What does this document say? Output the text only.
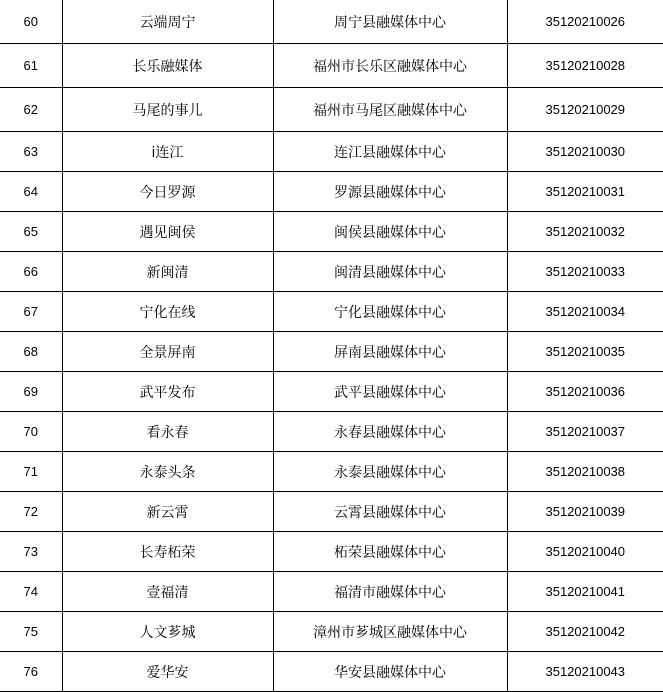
60	云端周宁	周宁县融媒体中心	35120210026
61	长乐融媒体	福州市长乐区融媒体中心	35120210028
62	马尾的事儿	福州市马尾区融媒体中心	35120210029
63	i连江	连江县融媒体中心	35120210030
64	今日罗源	罗源县融媒体中心	35120210031
65	遇见闽侯	闽侯县融媒体中心	35120210032
66	新闽清	闽清县融媒体中心	35120210033
67	宁化在线	宁化县融媒体中心	35120210034
68	全景屏南	屏南县融媒体中心	35120210035
69	武平发布	武平县融媒体中心	35120210036
70	看永春	永春县融媒体中心	35120210037
71	永泰头条	永泰县融媒体中心	35120210038
72	新云霄	云霄县融媒体中心	35120210039
73	长寿柘荣	柘荣县融媒体中心	35120210040
74	壹福清	福清市融媒体中心	35120210041
75	人文芗城	漳州市芗城区融媒体中心	35120210042
76	爱华安	华安县融媒体中心	35120210043
